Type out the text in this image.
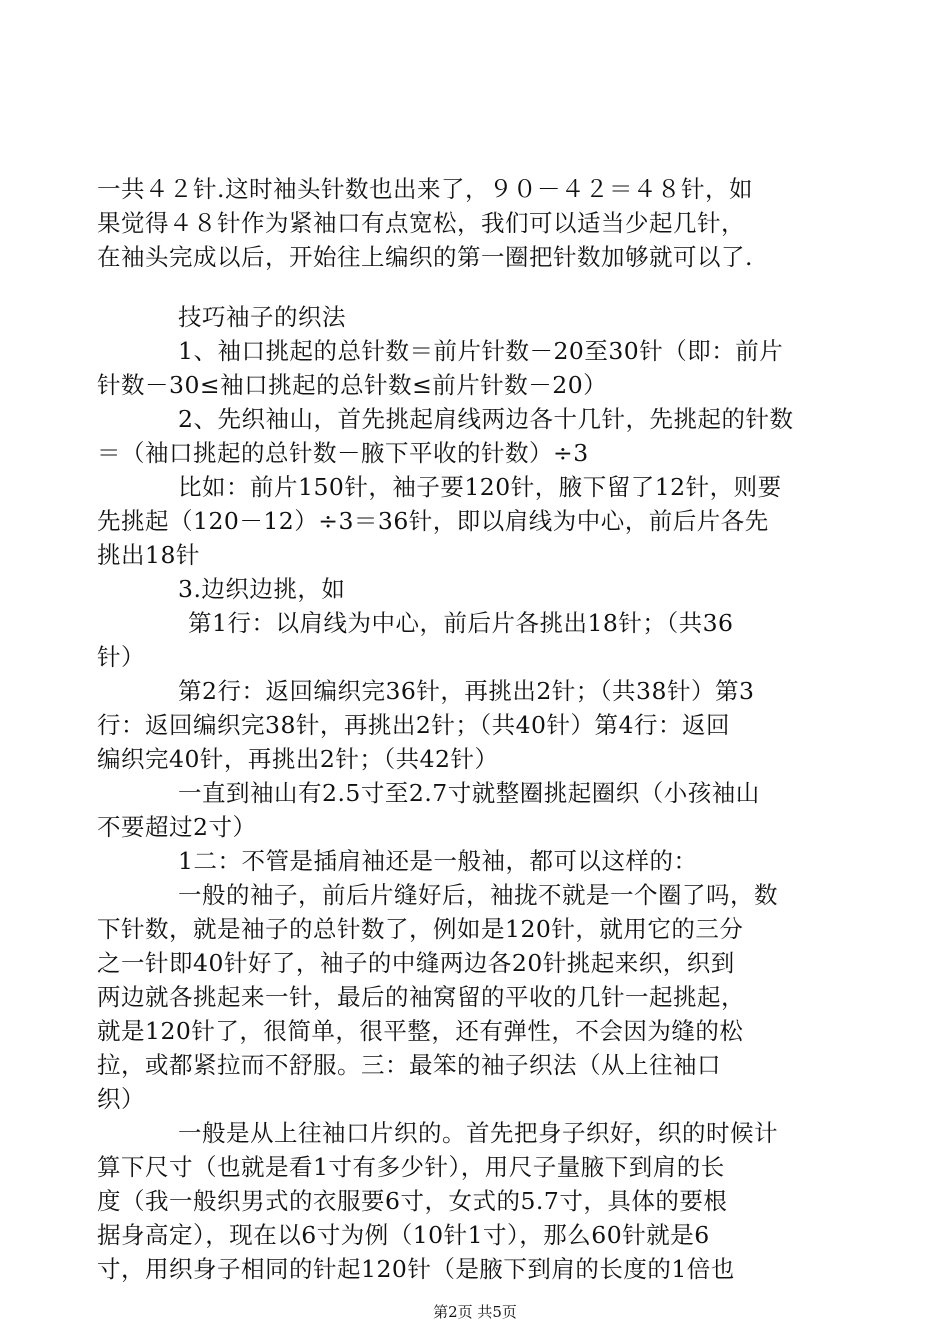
一共４２针.这时袖头针数也出来了，９０－４２＝４８针，如
果觉得４８针作为紧袖口有点宽松，我们可以适当少起几针，
在袖头完成以后，开始往上编织的第一圈把针数加够就可以了.
技巧袖子的织法
1、袖口挑起的总针数＝前片针数－20至30针（即：前片
针数－30≤袖口挑起的总针数≤前片针数－20）
2、先织袖山，首先挑起肩线两边各十几针，先挑起的针数
＝（袖口挑起的总针数－腋下平收的针数）÷3
比如：前片150针，袖子要120针，腋下留了12针，则要
先挑起（120－12）÷3＝36针，即以肩线为中心，前后片各先
挑出18针
3.边织边挑，如
第1行：以肩线为中心，前后片各挑出18针；（共36
针）
第2行：返回编织完36针，再挑出2针；（共38针）第3
行：返回编织完38针，再挑出2针；（共40针）第4行：返回
编织完40针，再挑出2针；（共42针）
一直到袖山有2.5寸至2.7寸就整圈挑起圈织（小孩袖山
不要超过2寸）
1二：不管是插肩袖还是一般袖，都可以这样的：
一般的袖子，前后片缝好后，袖拢不就是一个圈了吗，数
下针数，就是袖子的总针数了，例如是120针，就用它的三分
之一针即40针好了，袖子的中缝两边各20针挑起来织，织到
两边就各挑起来一针，最后的袖窝留的平收的几针一起挑起，
就是120针了，很简单，很平整，还有弹性，不会因为缝的松
拉，或都紧拉而不舒服。三：最笨的袖子织法（从上往袖口
织）
一般是从上往袖口片织的。首先把身子织好，织的时候计
算下尺寸（也就是看1寸有多少针），用尺子量腋下到肩的长
度（我一般织男式的衣服要6寸，女式的5.7寸，具体的要根
据身高定），现在以6寸为例（10针1寸），那么60针就是6
寸，用织身子相同的针起120针（是腋下到肩的长度的1倍也
第2页 共5页
